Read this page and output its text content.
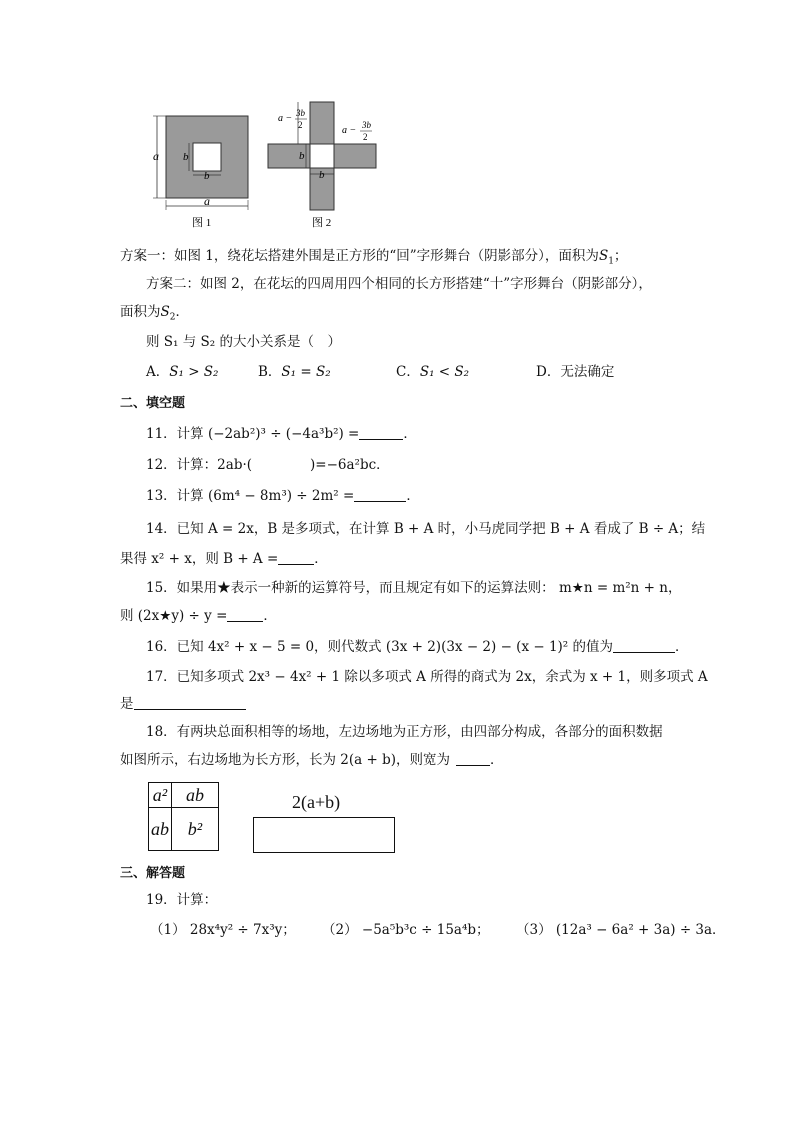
a
a
b
b
图 1
a − 3b
2	a − 3b
2
b
b
图 2
方案一：如图 1，绕花坛搭建外围是正方形的“回”字形舞台（阴影部分），面积为$S_1$；
方案二：如图 2，在花坛的四周用四个相同的长方形搭建“十”字形舞台（阴影部分），
面积为$S_2$．
则 S₁ 与 S₂ 的大小关系是（　）
A．S₁ > S₂	B．S₁ = S₂	C．S₁ < S₂	D．无法确定
二、填空题
11．计算 (−2ab²)³ ÷ (−4a³b²) =	．
12．计算：2ab·(	)=−6a²bc．
13．计算 (6m⁴ − 8m³) ÷ 2m² =	．
14．已知 A = 2x，B 是多项式，在计算 B + A 时，小马虎同学把 B + A 看成了 B ÷ A；结
果得 x² + x，则 B + A =	．
15．如果用★表示一种新的运算符号，而且规定有如下的运算法则： m★n = m²n + n，
则 (2x★y) ÷ y =	．
16．已知 4x² + x − 5 = 0，则代数式 (3x + 2)(3x − 2) − (x − 1)² 的值为	．
17．已知多项式 2x³ − 4x² + 1 除以多项式 A 所得的商式为 2x，余式为 x + 1，则多项式 A
是
18．有两块总面积相等的场地，左边场地为正方形，由四部分构成，各部分的面积数据
如图所示，右边场地为长方形，长为 2(a + b)，则宽为	．
a²	ab
ab	b²
2(a+b)
三、解答题
19．计算：
（1） 28x⁴y² ÷ 7x³y； （2） −5a⁵b³c ÷ 15a⁴b； （3） (12a³ − 6a² + 3a) ÷ 3a．
